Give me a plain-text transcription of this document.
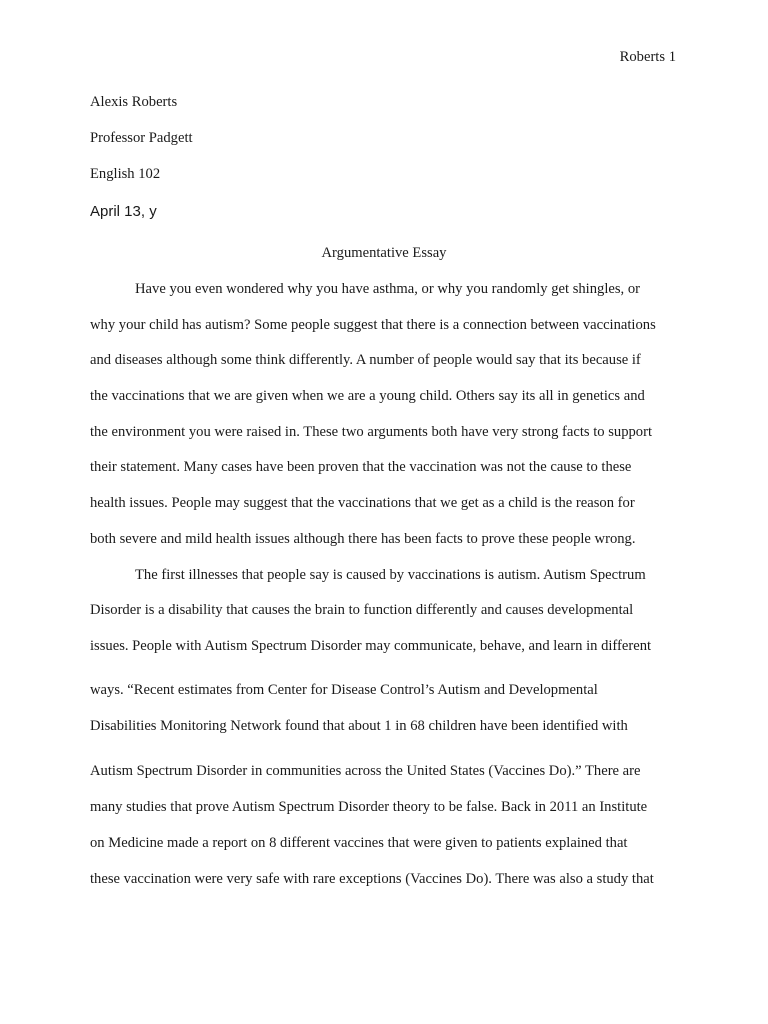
Roberts 1
Alexis Roberts
Professor Padgett
English 102
April 13, y
Argumentative Essay
Have you even wondered why you have asthma, or why you randomly get shingles, or
why your child has autism? Some people suggest that there is a connection between vaccinations
and diseases although some think differently. A number of people would say that its because if
the vaccinations that we are given when we are a young child. Others say its all in genetics and
the environment you were raised in. These two arguments both have very strong facts to support
their statement. Many cases have been proven that the vaccination was not the cause to these
health issues. People may suggest that the vaccinations that we get as a child is the reason for
both severe and mild health issues although there has been facts to prove these people wrong.
The first illnesses that people say is caused by vaccinations is autism. Autism Spectrum
Disorder is a disability that causes the brain to function differently and causes developmental
issues. People with Autism Spectrum Disorder may communicate, behave, and learn in different
ways. “Recent estimates from Center for Disease Control’s Autism and Developmental
Disabilities Monitoring Network found that about 1 in 68 children have been identified with
Autism Spectrum Disorder in communities across the United States (Vaccines Do).” There are
many studies that prove Autism Spectrum Disorder theory to be false. Back in 2011 an Institute
on Medicine made a report on 8 different vaccines that were given to patients explained that
these vaccination were very safe with rare exceptions (Vaccines Do). There was also a study that
